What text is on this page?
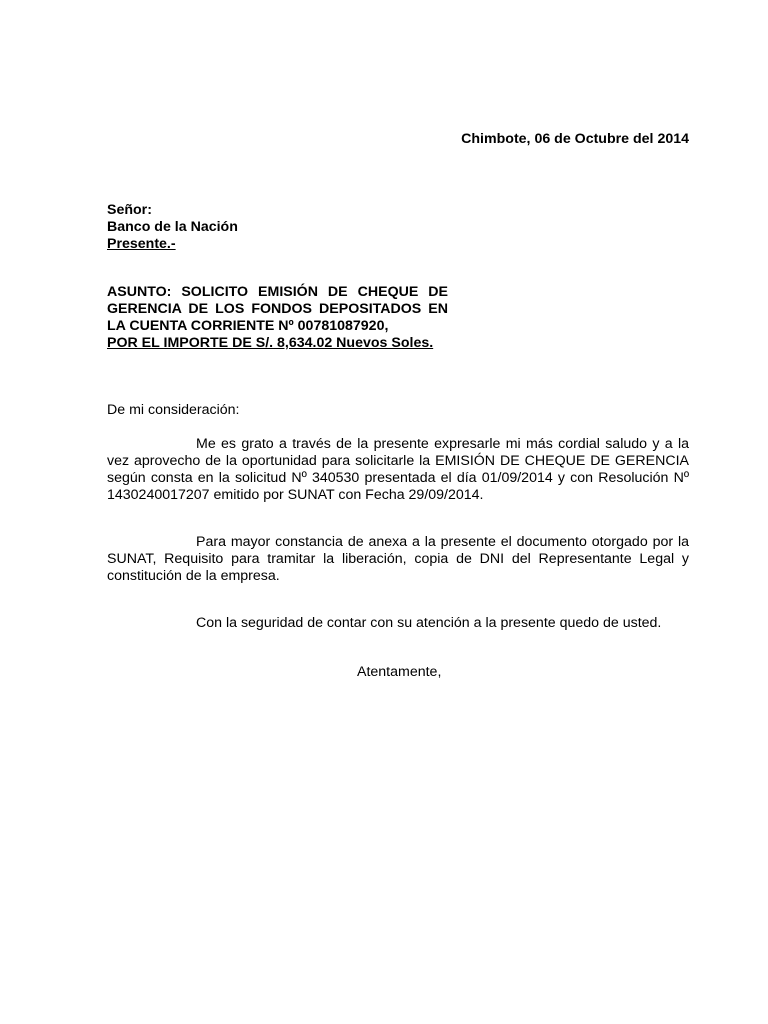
Chimbote, 06 de Octubre del 2014
Señor:
Banco de la Nación
Presente.-
ASUNTO: SOLICITO EMISIÓN DE CHEQUE DE
GERENCIA DE LOS FONDOS DEPOSITADOS EN
LA CUENTA CORRIENTE Nº 00781087920,
POR EL IMPORTE DE S/. 8,634.02 Nuevos Soles.
De mi consideración:
Me es grato a través de la presente expresarle mi más cordial saludo y a la vez aprovecho de la oportunidad para solicitarle la EMISIÓN DE CHEQUE DE GERENCIA según consta en la solicitud Nº 340530 presentada el día 01/09/2014 y con Resolución Nº 1430240017207 emitido por SUNAT con Fecha 29/09/2014.
Para mayor constancia de anexa a la presente el documento otorgado por la SUNAT, Requisito para tramitar la liberación, copia de DNI del Representante Legal y constitución de la empresa.
Con la seguridad de contar con su atención a la presente quedo de usted.
Atentamente,
